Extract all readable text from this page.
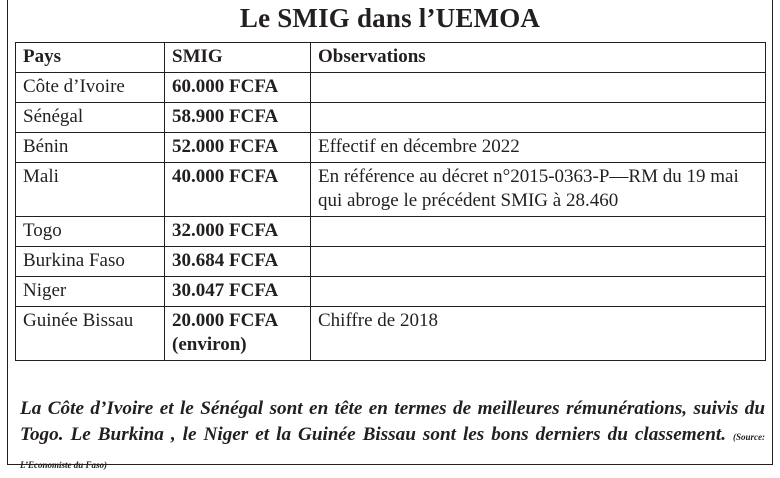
Le SMIG dans l’UEMOA
Pays	SMIG	Observations
Côte d’Ivoire	60.000 FCFA	
Sénégal	58.900 FCFA	
Bénin	52.000 FCFA	Effectif en décembre 2022
Mali	40.000 FCFA	En référence au décret n°2015-0363-P—RM du 19 mai qui abroge le précédent SMIG à 28.460
Togo	32.000 FCFA	
Burkina Faso	30.684 FCFA	
Niger	30.047 FCFA	
Guinée Bissau	20.000 FCFA (environ)	Chiffre de 2018
La Côte d’Ivoire et le Sénégal sont en tête en termes de meilleures rémunérations, suivis du Togo. Le Burkina , le Niger et la Guinée Bissau sont les bons derniers du classement. (Source: L’Economiste du Faso)
